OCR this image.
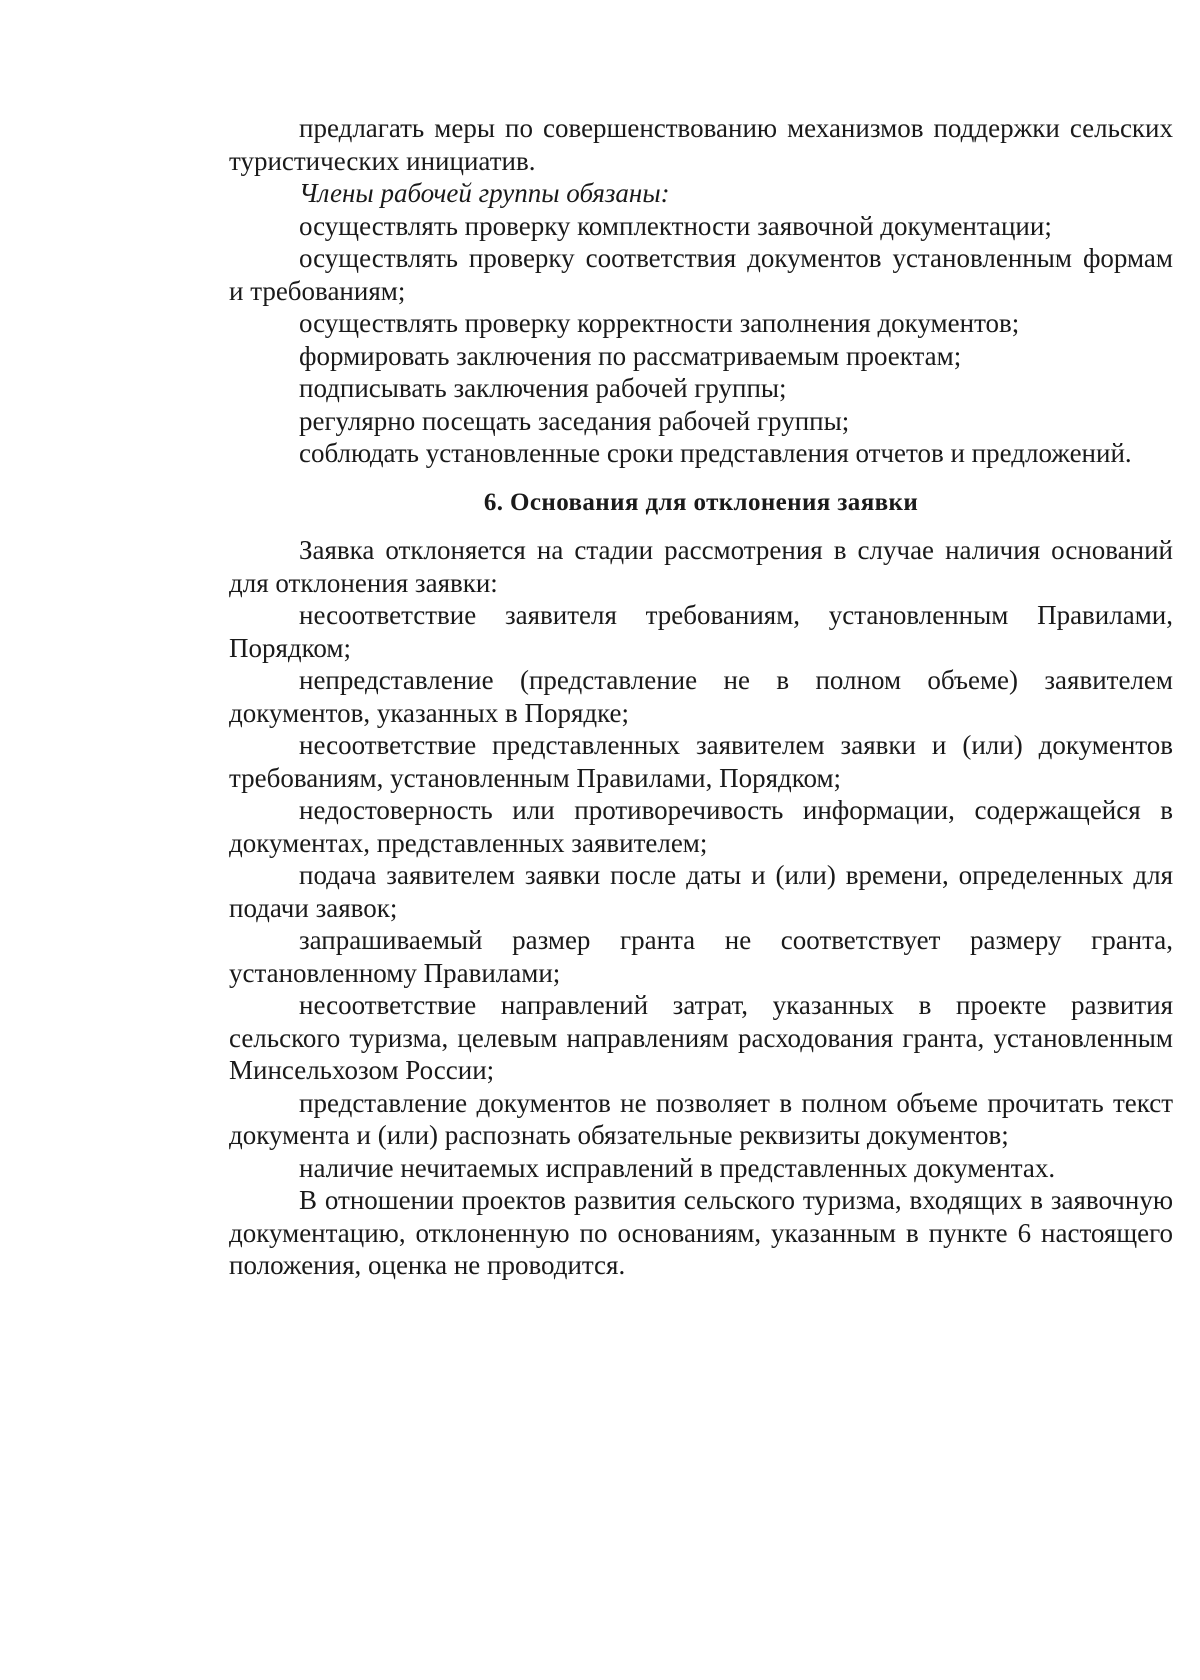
предлагать меры по совершенствованию механизмов поддержки сельских туристических инициатив.

Члены рабочей группы обязаны:

осуществлять проверку комплектности заявочной документации;

осуществлять проверку соответствия документов установленным формам и требованиям;

осуществлять проверку корректности заполнения документов;

формировать заключения по рассматриваемым проектам;

подписывать заключения рабочей группы;

регулярно посещать заседания рабочей группы;

соблюдать установленные сроки представления отчетов и предложений.

6. Основания для отклонения заявки

Заявка отклоняется на стадии рассмотрения в случае наличия оснований для отклонения заявки:

несоответствие заявителя требованиям, установленным Правилами, Порядком;

непредставление (представление не в полном объеме) заявителем документов, указанных в Порядке;

несоответствие представленных заявителем заявки и (или) документов требованиям, установленным Правилами, Порядком;

недостоверность или противоречивость информации, содержащейся в документах, представленных заявителем;

подача заявителем заявки после даты и (или) времени, определенных для подачи заявок;

запрашиваемый размер гранта не соответствует размеру гранта, установленному Правилами;

несоответствие направлений затрат, указанных в проекте развития сельского туризма, целевым направлениям расходования гранта, установленным Минсельхозом России;

представление документов не позволяет в полном объеме прочитать текст документа и (или) распознать обязательные реквизиты документов;

наличие нечитаемых исправлений в представленных документах.

В отношении проектов развития сельского туризма, входящих в заявочную документацию, отклоненную по основаниям, указанным в пункте 6 настоящего положения, оценка не проводится.
